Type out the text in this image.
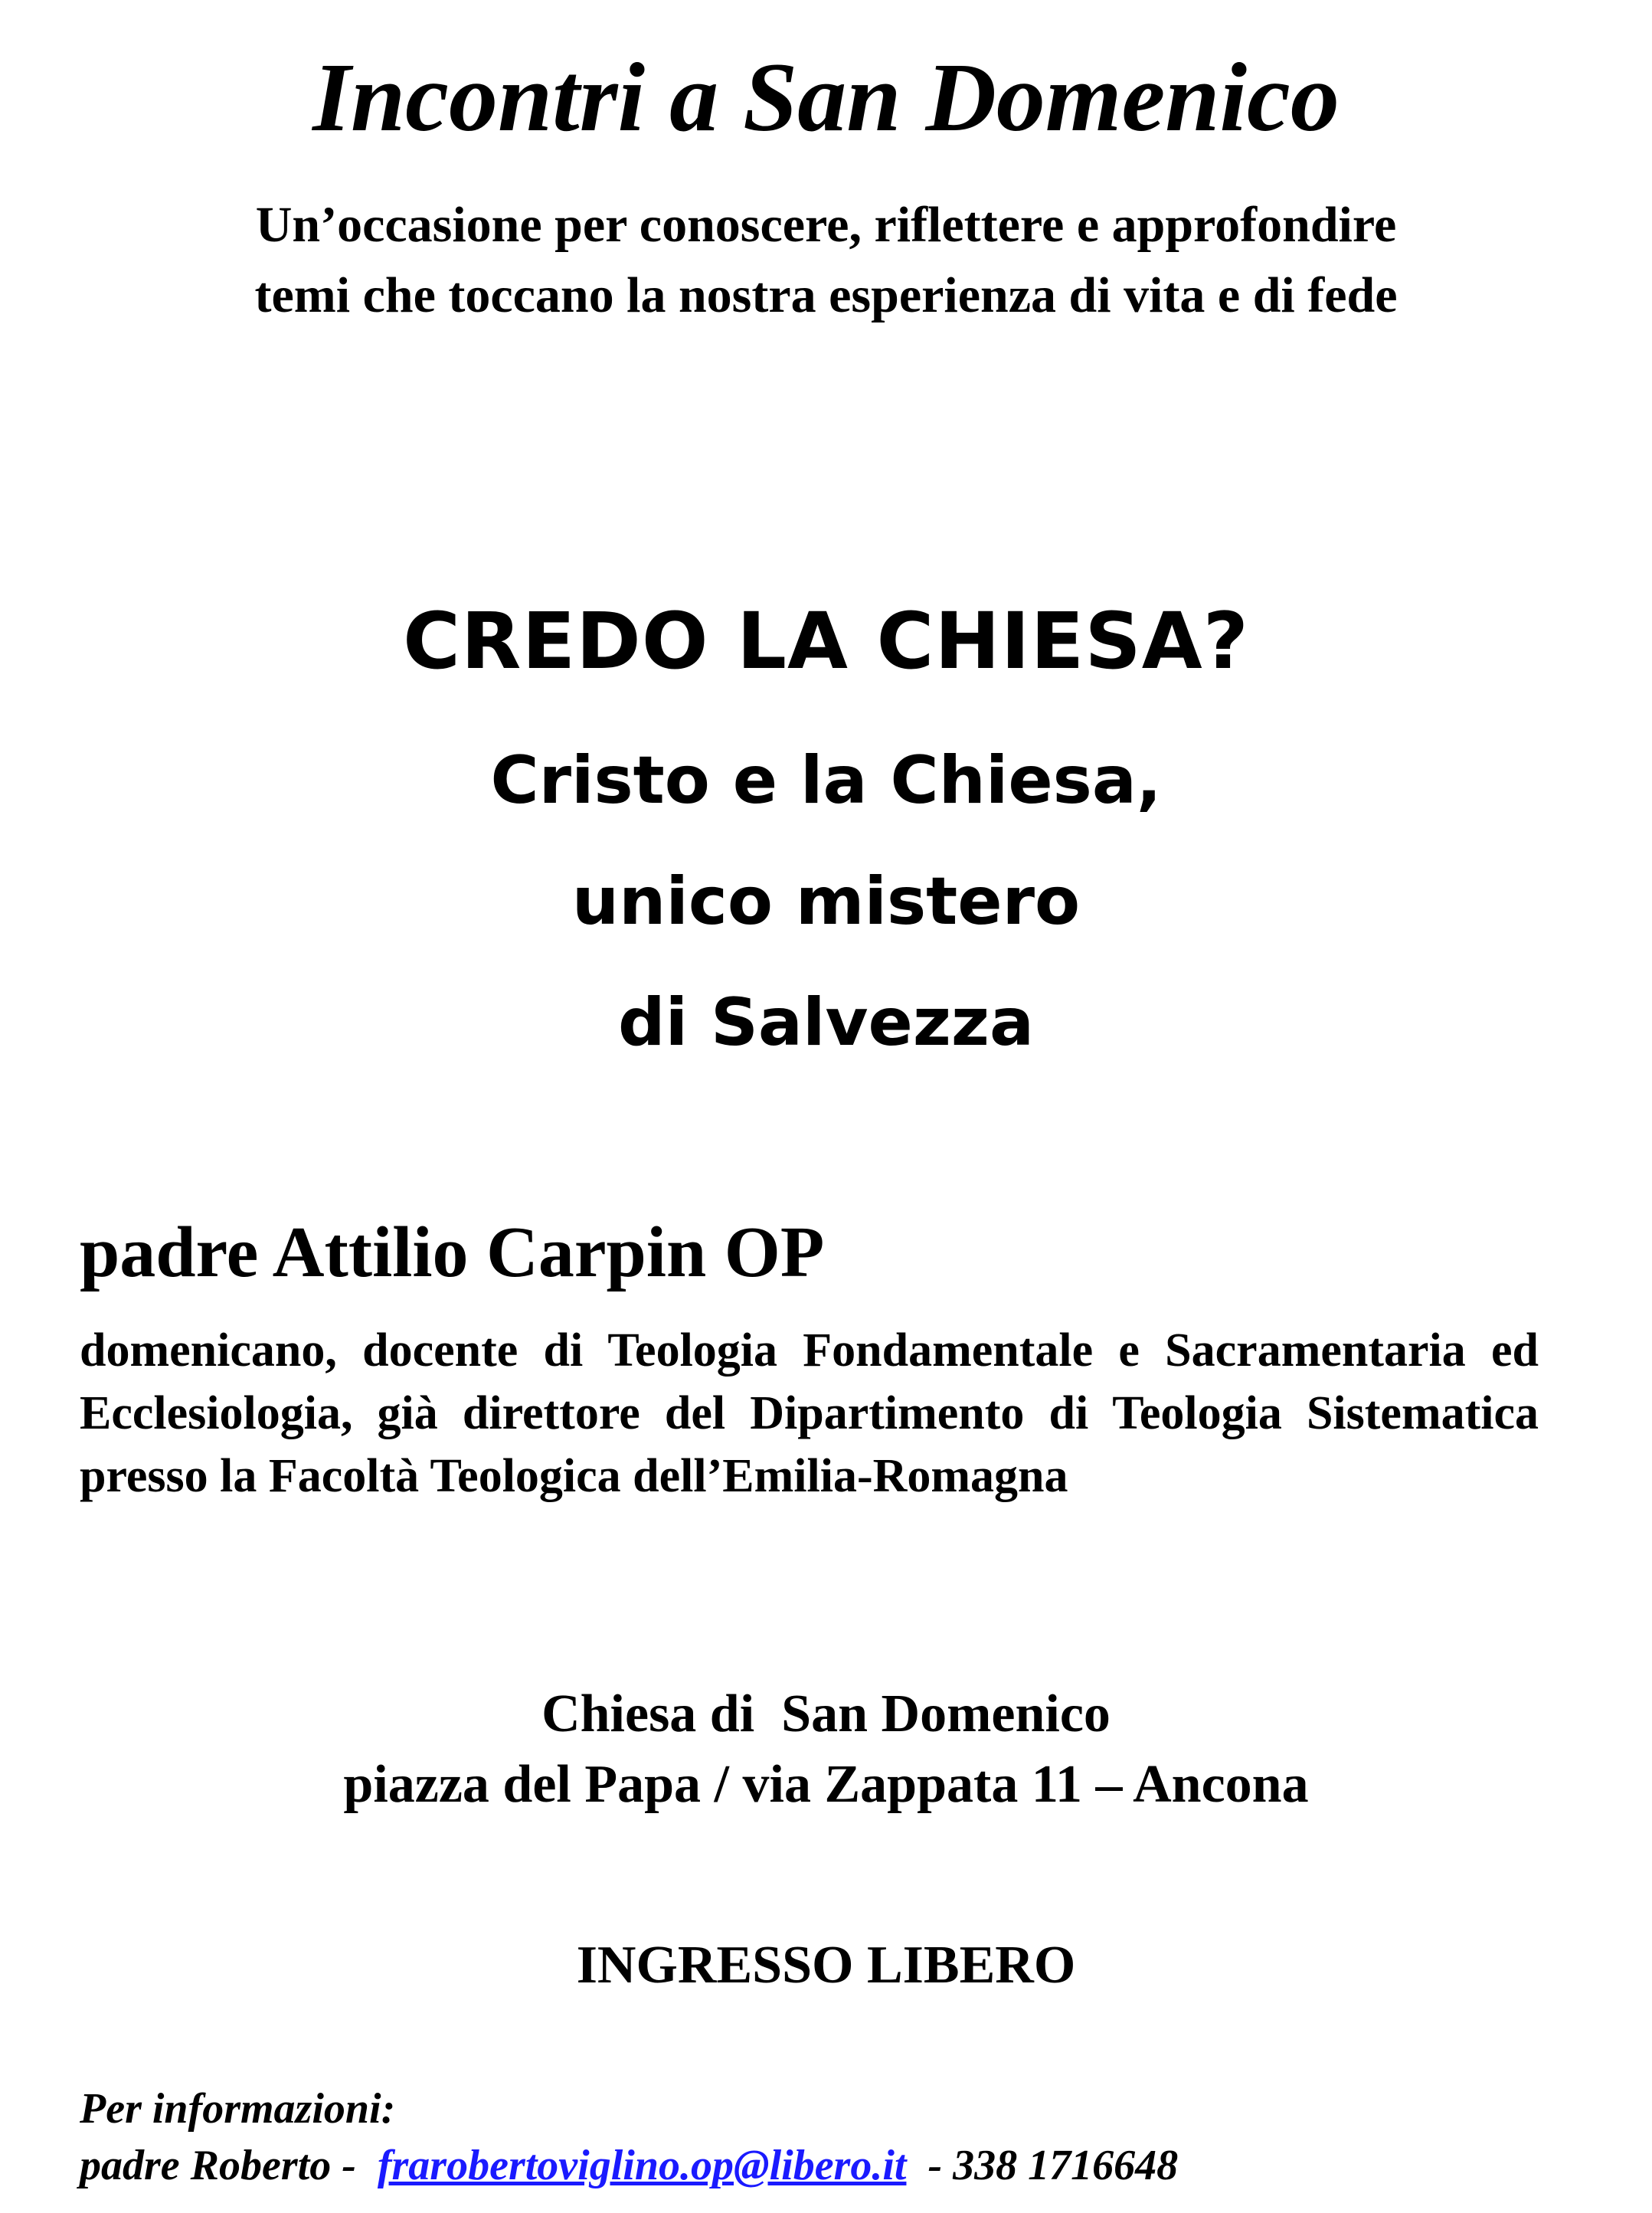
Incontri a San Domenico
Un’occasione per conoscere, riflettere e approfondire
temi che toccano la nostra esperienza di vita e di fede
CREDO LA CHIESA?
Cristo e la Chiesa,
unico mistero
di Salvezza
padre Attilio Carpin OP
domenicano, docente di Teologia Fondamentale e Sacramentaria ed Ecclesiologia, già direttore del Dipartimento di Teologia Sistematica presso la Facoltà Teologica dell’Emilia-Romagna
Chiesa di  San Domenico
piazza del Papa / via Zappata 11 – Ancona
INGRESSO LIBERO
Per informazioni:
padre Roberto -  frarobertoviglino.op@libero.it  - 338 1716648
